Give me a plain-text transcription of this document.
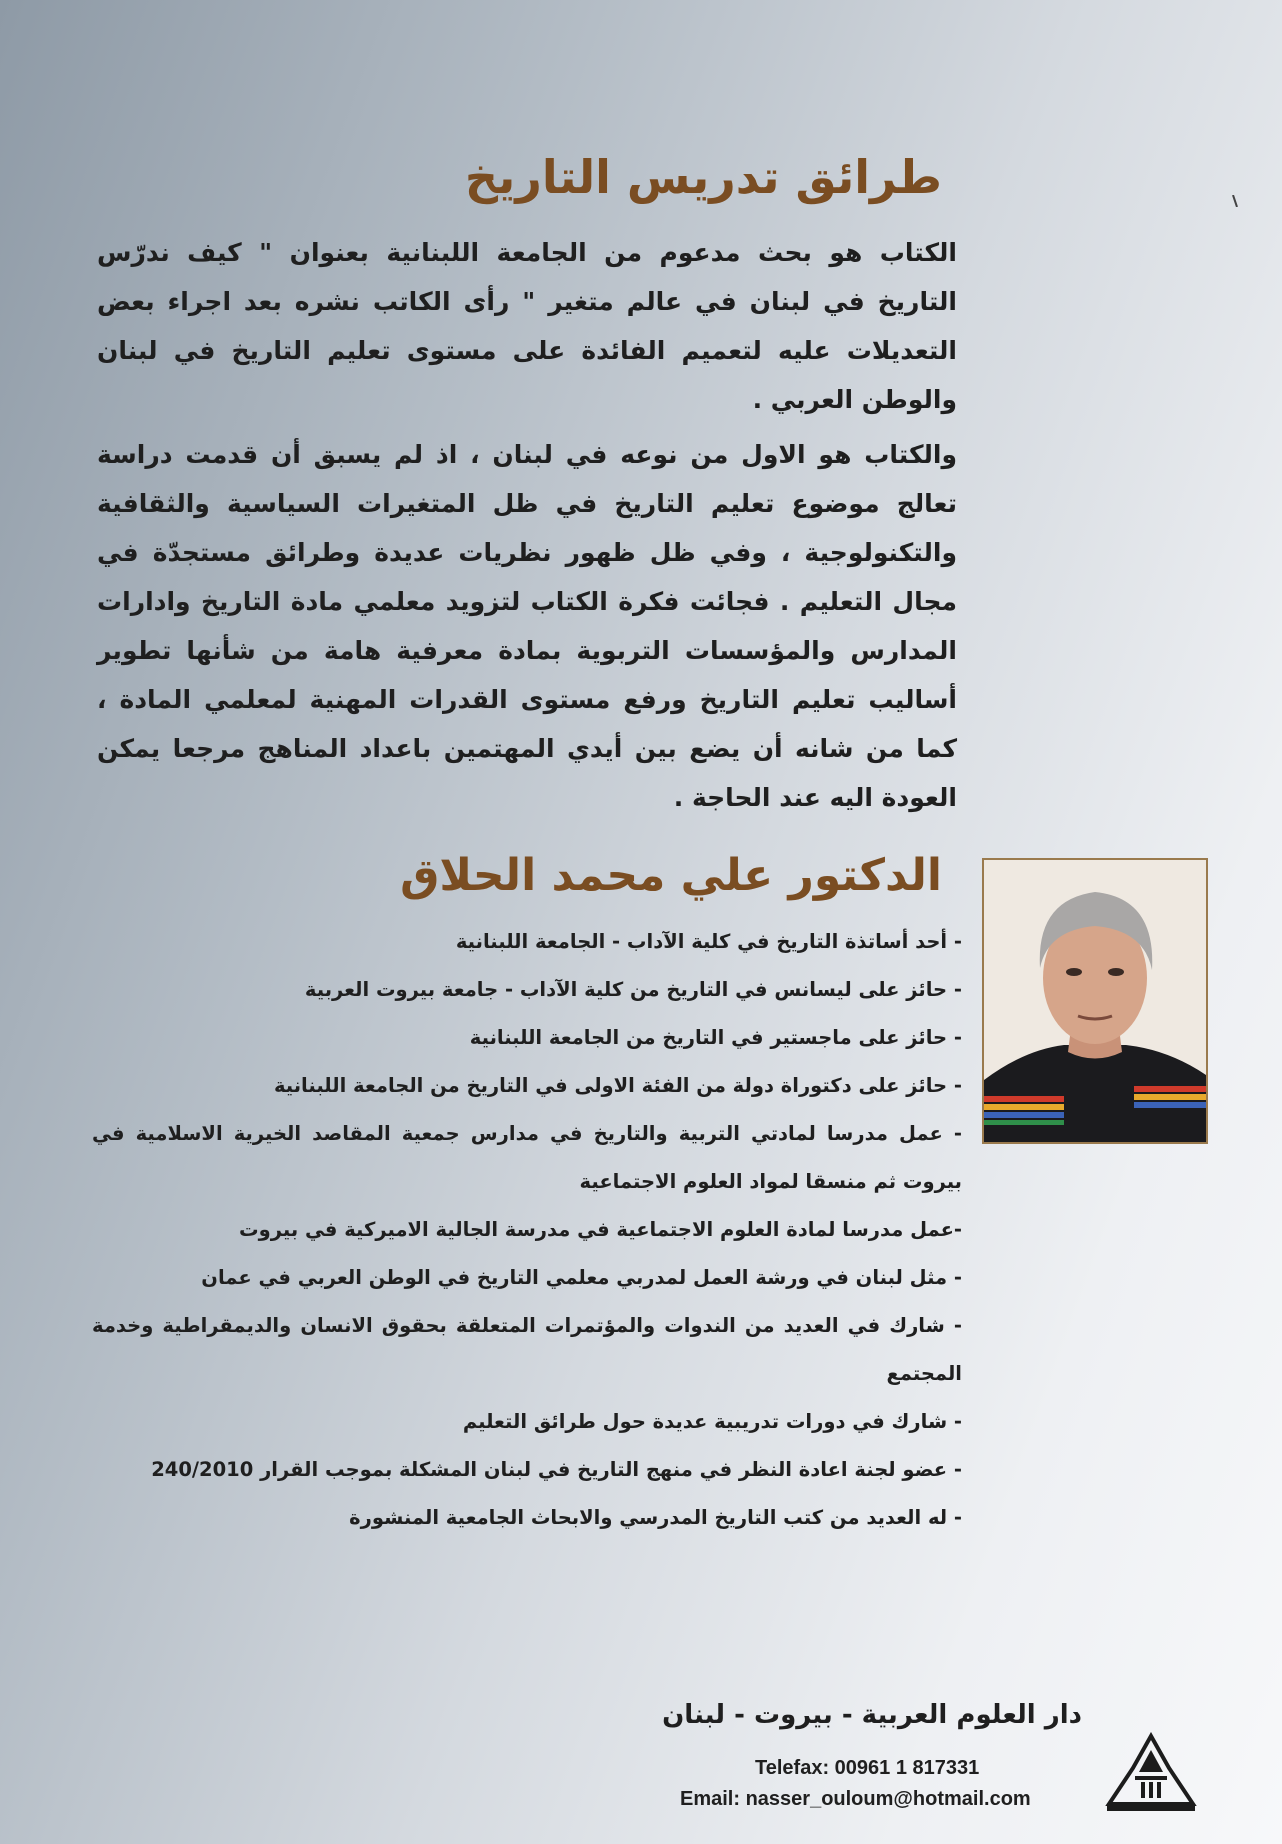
طرائق تدريس التاريخ

الكتاب هو بحث مدعوم من الجامعة اللبنانية بعنوان " كيف ندرّس التاريخ في لبنان في عالم متغير " رأى الكاتب نشره بعد اجراء بعض التعديلات عليه لتعميم الفائدة على مستوى تعليم التاريخ في لبنان والوطن العربي .

والكتاب هو الاول من نوعه في لبنان ، اذ لم يسبق أن قدمت دراسة تعالج موضوع تعليم التاريخ في ظل المتغيرات السياسية والثقافية والتكنولوجية ، وفي ظل ظهور نظريات عديدة وطرائق مستجدّة في مجال التعليم . فجائت فكرة الكتاب لتزويد معلمي مادة التاريخ وادارات المدارس والمؤسسات التربوية بمادة معرفية هامة من شأنها تطوير أساليب تعليم التاريخ ورفع مستوى القدرات المهنية لمعلمي المادة ، كما من شانه أن يضع بين أيدي المهتمين باعداد المناهج مرجعا يمكن العودة اليه عند الحاجة .

الدكتور علي محمد الحلاق
- أحد أساتذة التاريخ في كلية الآداب - الجامعة اللبنانية
- حائز على ليسانس في التاريخ من كلية الآداب - جامعة بيروت العربية
- حائز على ماجستير في التاريخ من الجامعة اللبنانية
- حائز على دكتوراة دولة من الفئة الاولى في التاريخ من الجامعة اللبنانية
- عمل مدرسا لمادتي التربية والتاريخ في مدارس جمعية المقاصد الخيرية الاسلامية في بيروت ثم منسقا لمواد العلوم الاجتماعية
-عمل مدرسا لمادة العلوم الاجتماعية في مدرسة الجالية الاميركية في بيروت
- مثل لبنان في ورشة العمل لمدربي معلمي التاريخ في الوطن العربي في عمان
- شارك في العديد من الندوات والمؤتمرات المتعلقة بحقوق الانسان والديمقراطية وخدمة المجتمع
- شارك في دورات تدريبية عديدة حول طرائق التعليم
- عضو لجنة اعادة النظر في منهج التاريخ في لبنان المشكلة بموجب القرار 240/2010
- له العديد من كتب التاريخ المدرسي والابحاث الجامعية المنشورة
دار العلوم العربية - بيروت - لبنان
Telefax: 00961 1 817331
Email: nasser_ouloum@hotmail.com
